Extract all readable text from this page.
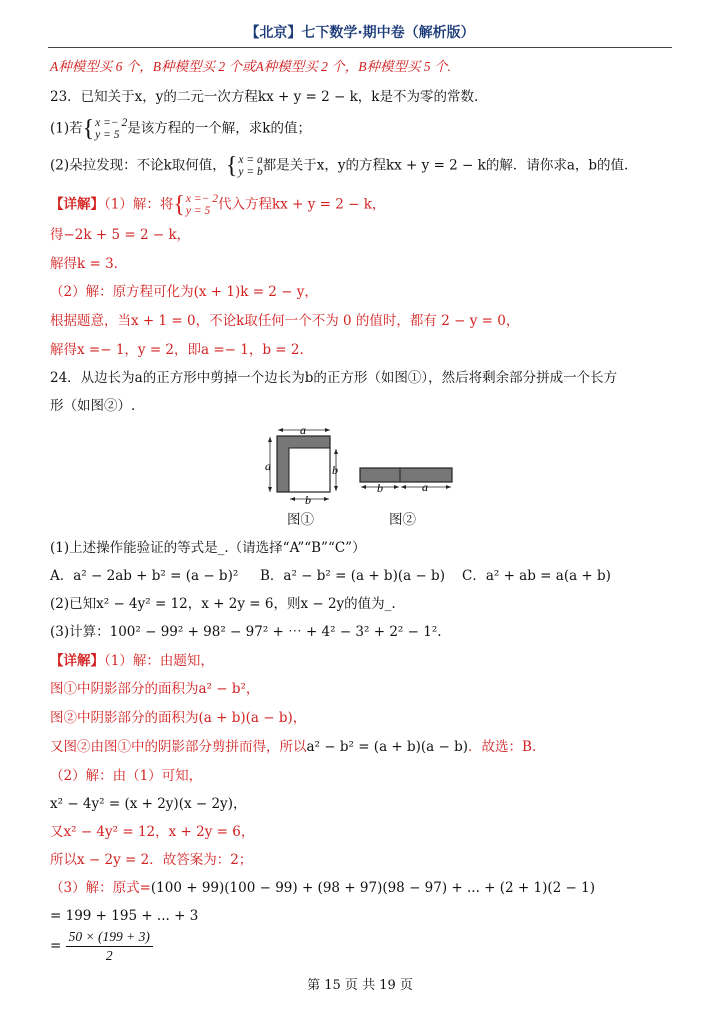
【北京】七下数学·期中卷（解析版）
A种模型买 6 个，B种模型买 2 个或A种模型买 2 个，B种模型买 5 个.
23．已知关于x，y的二元一次方程kx + y = 2 − k，k是不为零的常数.
(1)若{ x =− 2
y = 5 是该方程的一个解，求k的值；
(2)朵拉发现：不论k取何值，{ x = a
y = b 都是关于x，y的方程kx + y = 2 − k的解．请你求a，b的值.
【详解】（1）解：将{ x =− 2
y = 5 代入方程kx + y = 2 − k，
得−2k + 5 = 2 − k，
解得k = 3.
（2）解：原方程可化为(x + 1)k = 2 − y，
根据题意，当x + 1 = 0，不论k取任何一个不为 0 的值时，都有 2 − y = 0，
解得x =− 1，y = 2，即a =− 1，b = 2.
24．从边长为a的正方形中剪掉一个边长为b的正方形（如图①），然后将剩余部分拼成一个长方
形（如图②）.
a
a	b
b
b	a
图①	图②
(1)上述操作能验证的等式是_.（请选择“A”“B”“C”）
A．a² − 2ab + b² = (a − b)² B．a² − b² = (a + b)(a − b) C．a² + ab = a(a + b)
(2)已知x² − 4y² = 12，x + 2y = 6，则x − 2y的值为_.
(3)计算：100² − 99² + 98² − 97² + ⋯ + 4² − 3² + 2² − 1².
【详解】（1）解：由题知，
图①中阴影部分的面积为a² − b²，
图②中阴影部分的面积为(a + b)(a − b)，
又图②由图①中的阴影部分剪拼而得，所以a² − b² = (a + b)(a − b)．故选：B.
（2）解：由（1）可知，
x² − 4y² = (x + 2y)(x − 2y)，
又x² − 4y² = 12，x + 2y = 6，
所以x − 2y = 2．故答案为：2；
（3）解：原式=(100 + 99)(100 − 99) + (98 + 97)(98 − 97) + ... + (2 + 1)(2 − 1)
= 199 + 195 + ... + 3
= $\frac{50 \times (199 + 3)}{2}$
第 15 页 共 19 页
